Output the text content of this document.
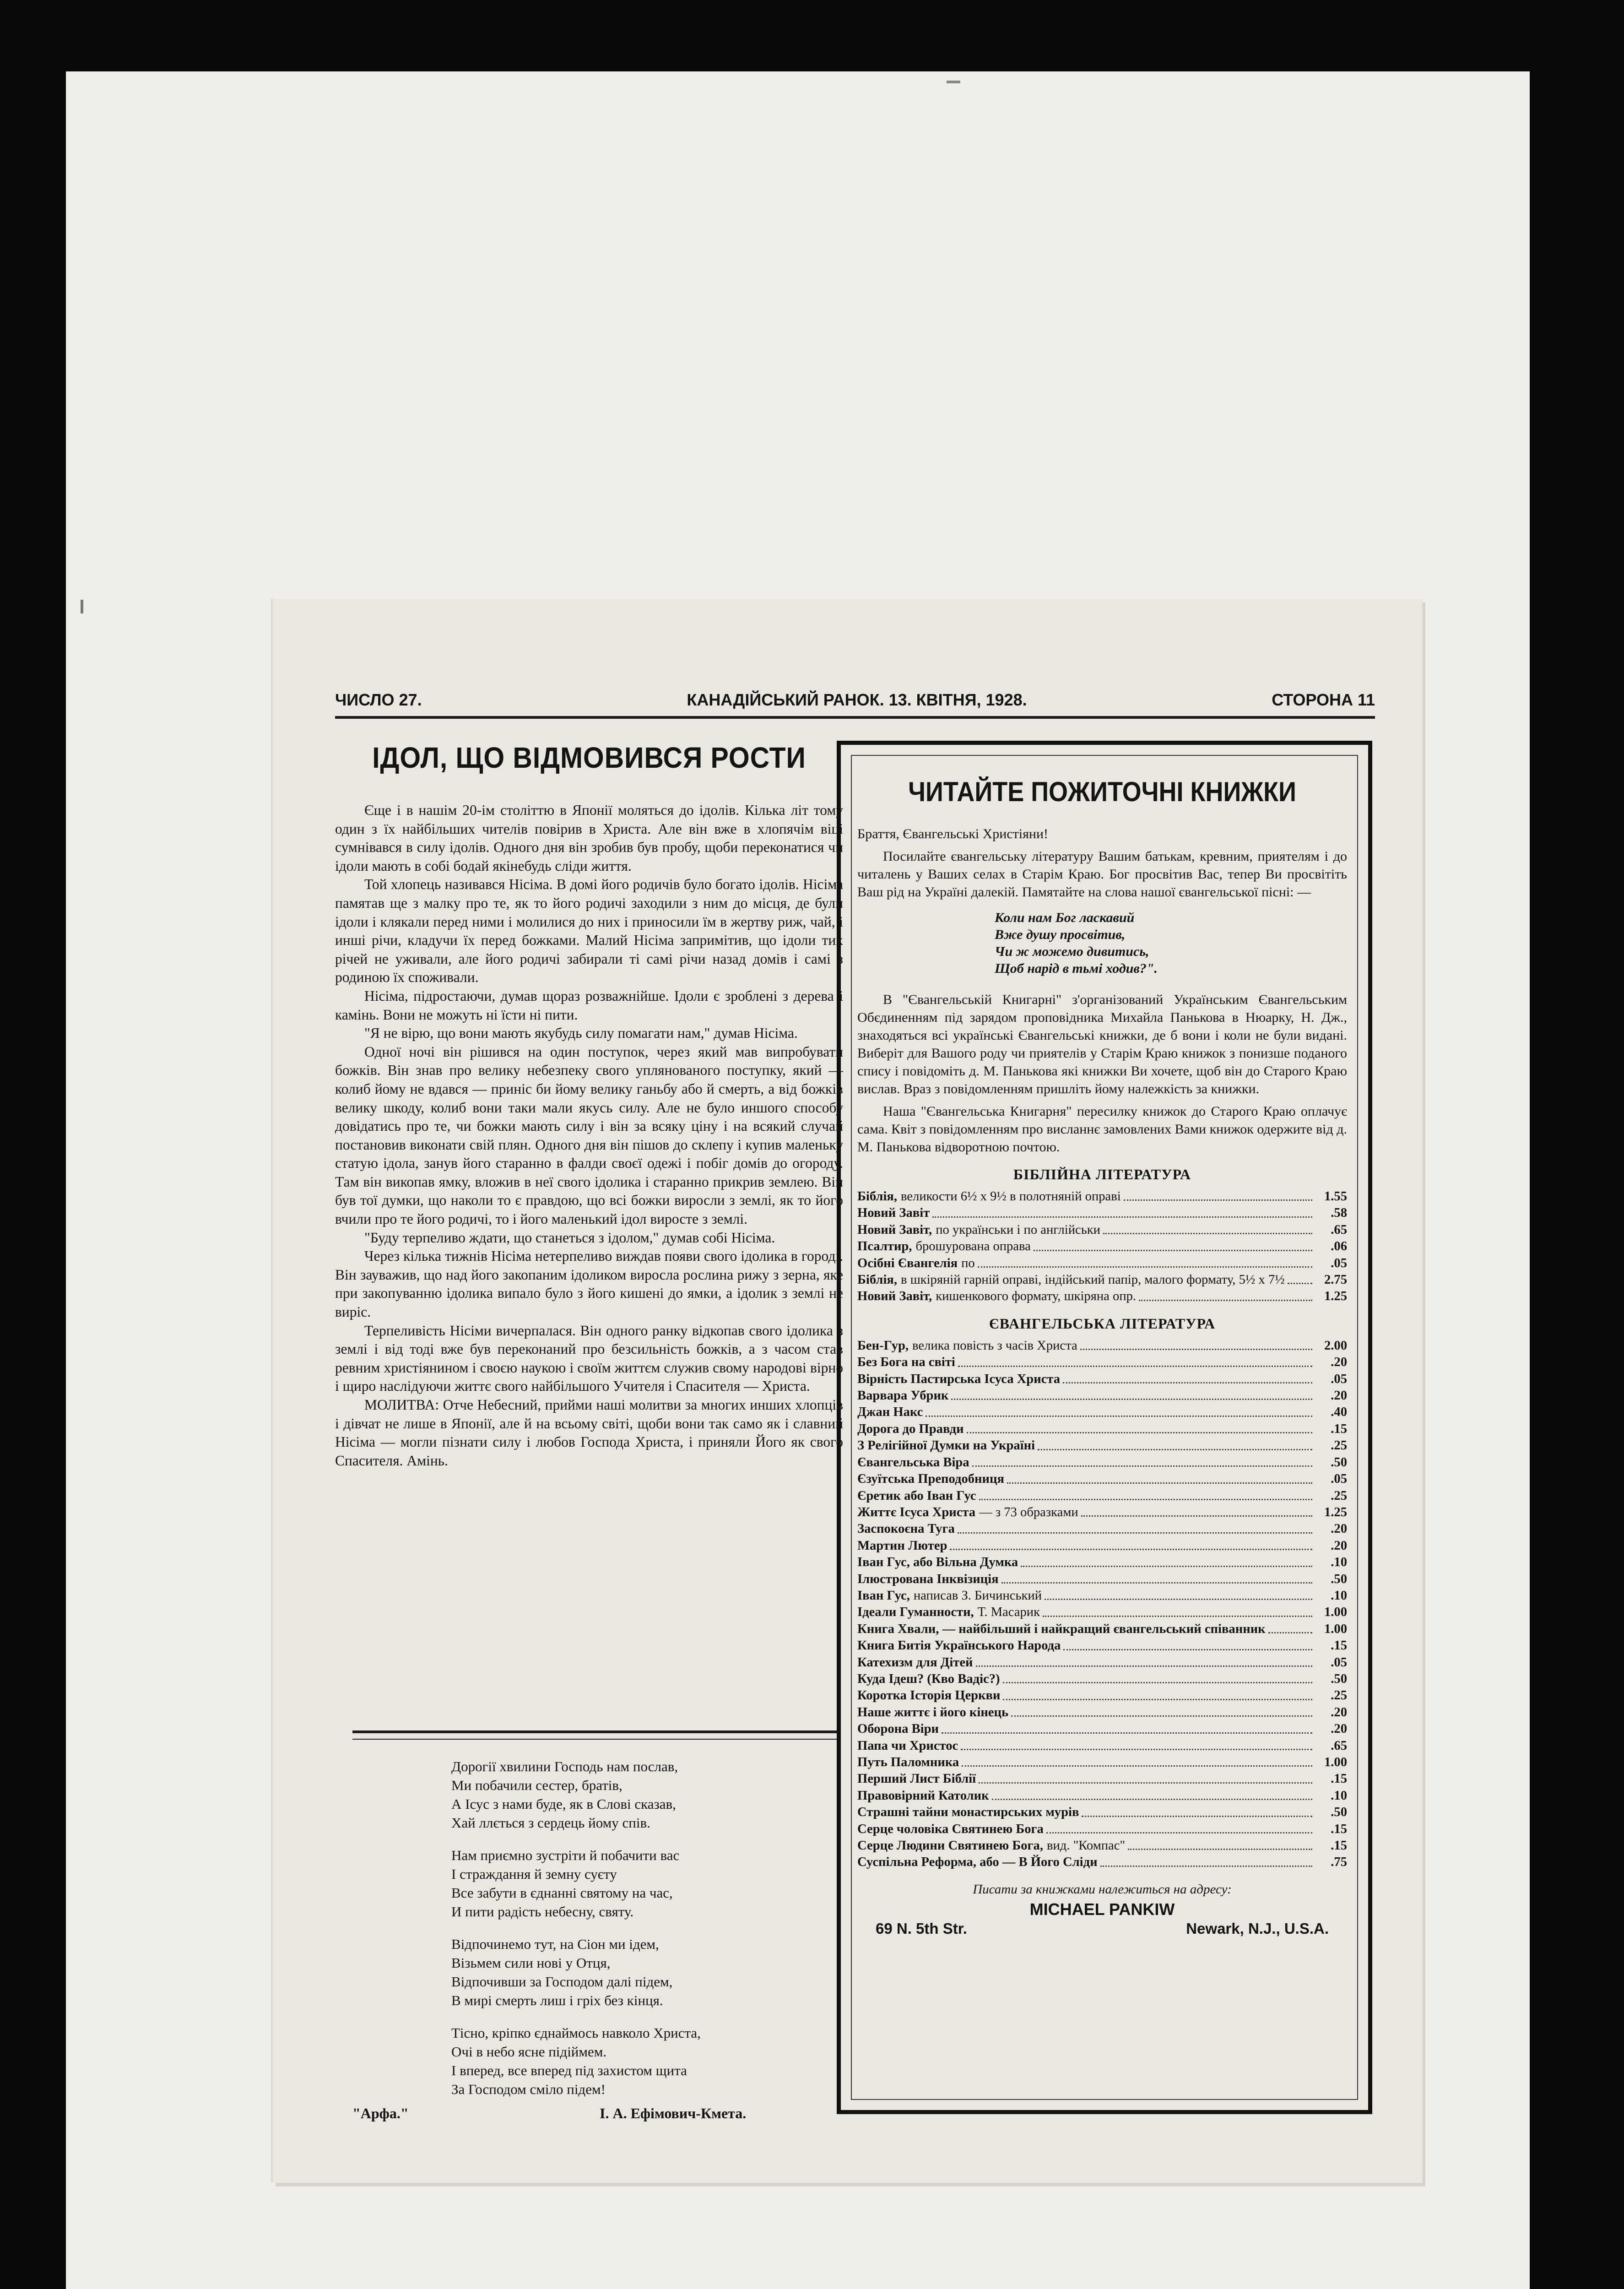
ЧИСЛО 27.	КАНАДІЙСЬКИЙ РАНОК. 13. КВІТНЯ, 1928.	СТОРОНА 11
ІДОЛ, ЩО ВІДМОВИВСЯ РОСТИ

Єще і в нашім 20-ім століттю в Японії моляться до ідолів. Кілька літ тому один з їх найбільших чителів повірив в Христа. Але він вже в хлопячім віці сумнівався в силу ідолів. Одного дня він зробив був пробу, щоби переконатися чи ідоли мають в собі бодай якінебудь сліди життя.

Той хлопець називався Нісіма. В домі його родичів було богато ідолів. Нісіма памятав ще з малку про те, як то його родичі заходили з ним до місця, де були ідоли і клякали перед ними і молилися до них і приносили їм в жертву риж, чай, і инші річи, кладучи їх перед божками. Малий Нісіма запримітив, що ідоли тих річей не уживали, але його родичі забирали ті самі річи назад домів і самі з родиною їх споживали.

Нісіма, підростаючи, думав щораз розважнійше. Ідоли є зроблені з дерева і камінь. Вони не можуть ні їсти ні пити.

"Я не вірю, що вони мають якубудь силу помагати нам," думав Нісіма.

Одної ночі він рішився на один поступок, через який мав випробувати божків. Він знав про велику небезпеку свого уплянованого поступку, який — колиб йому не вдався — приніс би йому велику ганьбу або й смерть, а від божків велику шкоду, колиб вони таки мали якусь силу. Але не було иншого способу довідатись про те, чи божки мають силу і він за всяку ціну і на всякий случай постановив виконати свій плян. Одного дня він пішов до склепу і купив маленьку статую ідола, занув його старанно в фалди своєї одежі і побіг домів до огороду. Там він викопав ямку, вложив в неї свого ідолика і старанно прикрив землею. Він був тої думки, що наколи то є правдою, що всі божки виросли з землі, як то його вчили про те його родичі, то і його маленький ідол виросте з землі.

"Буду терпеливо ждати, що станеться з ідолом," думав собі Нісіма.

Через кілька тижнів Нісіма нетерпеливо виждав появи свого ідолика в городі. Він зауважив, що над його закопаним ідоликом виросла рослина рижу з зерна, яке при закопуванню ідолика випало було з його кишені до ямки, а ідолик з землі не виріс.

Терпеливість Нісіми вичерпалася. Він одного ранку відкопав свого ідолика з землі і від тоді вже був переконаний про безсильність божків, а з часом став ревним христіянином і своєю наукою і своїм життєм служив свому народові вірно і щиро наслідуючи життє свого найбільшого Учителя і Спасителя — Христа.

МОЛИТВА: Отче Небесний, прийми наші молитви за многих инших хлопців і дівчат не лише в Японії, але й на всьому світі, щоби вони так само як і славний Нісіма — могли пізнати силу і любов Господа Христа, і приняли Його як свого Спасителя. Амінь.

Дорогії хвилини Господь нам послав,
Ми побачили сестер, братів,
А Ісус з нами буде, як в Слові сказав,
Хай ллється з сердець йому спів.
Нам приємно зустріти й побачити вас
І страждання й земну суєту
Все забути в єднанні святому на час,
И пити радість небесну, святу.
Відпочинемо тут, на Сіон ми ідем,
Візьмем сили нові у Отця,
Відпочивши за Господом далі підем,
В мирі смерть лиш і гріх без кінця.
Тісно, кріпко єднаймось навколо Христа,
Очі в небо ясне підіймем.
І вперед, все вперед під захистом щита
За Господом сміло підем!
"Арфа."	І. А. Ефімович-Кмета.
ЧИТАЙТЕ ПОЖИТОЧНІ КНИЖКИ

Браття, Євангельські Христіяни!

Посилайте євангельську літературу Вашим батькам, кревним, приятелям і до читалень у Ваших селах в Старім Краю. Бог просвітив Вас, тепер Ви просвітіть Ваш рід на Україні далекій. Памятайте на слова нашої євангельської пісні: —

Коли нам Бог ласкавий
Вже душу просвітив,
Чи ж можемо дивитись,
Щоб нарід в тьмі ходив?".

В "Євангельській Книгарні" з'організований Українським Євангельським Обєдиненням під зарядом проповідника Михайла Панькова в Нюарку, Н. Дж., знаходяться всі українські Євангельські книжки, де б вони і коли не були видані. Виберіт для Вашого роду чи приятелів у Старім Краю книжок з понизше поданого спису і повідоміть д. М. Панькова які книжки Ви хочете, щоб він до Старого Краю вислав. Враз з повідомленням пришліть йому належкість за книжки.

Наша "Євангельська Книгарня" пересилку книжок до Старого Краю оплачує сама. Квіт з повідомленням про висланнє замовлених Вами книжок одержите від д. М. Панькова відворотною почтою.

БІБЛІЙНА ЛІТЕРАТУРА
Біблія, великости 6½ х 9½ в полотняній оправі	1.55
Новий Завіт	.58
Новий Завіт, по українськи і по англійськи	.65
Псалтир, брошурована оправа	.06
Осібні Євангелія по	.05
Біблія, в шкіряній гарній оправі, індійський папір, малого формату, 5½ х 7½	2.75
Новий Завіт, кишенкового формату, шкіряна опр.	1.25
ЄВАНГЕЛЬСЬКА ЛІТЕРАТУРА
Бен-Гур, велика повість з часів Христа	2.00
Без Бога на світі	.20
Вірність Пастирська Ісуса Христа	.05
Варвара Убрик	.20
Джан Накс	.40
Дорога до Правди	.15
З Релігійної Думки на Україні	.25
Євангельська Віра	.50
Єзуїтська Преподобниця	.05
Єретик або Іван Гус	.25
Життє Ісуса Христа — з 73 образками	1.25
Заспокоєна Туга	.20
Мартин Лютер	.20
Іван Гус, або Вільна Думка	.10
Ілюстрована Інквізиція	.50
Іван Гус, написав З. Бичинський	.10
Ідеали Гуманности, Т. Масарик	1.00
Книга Хвали, — найбільший і найкращий євангельський співанник	1.00
Книга Битія Українського Народа	.15
Катехизм для Дітей	.05
Куда Ідеш? (Кво Вадіс?)	.50
Коротка Історія Церкви	.25
Наше життє і його кінець	.20
Оборона Віри	.20
Папа чи Христос	.65
Путь Паломника	1.00
Перший Лист Біблії	.15
Правовірний Католик	.10
Страшні тайни монастирських мурів	.50
Серце чоловіка Святинею Бога	.15
Серце Людини Святинею Бога, вид. "Компас"	.15
Суспільна Реформа, або — В Його Сліди	.75
Писати за книжками належиться на адресу:
MICHAEL PANKIW
69 N. 5th Str.	Newark, N.J., U.S.A.
